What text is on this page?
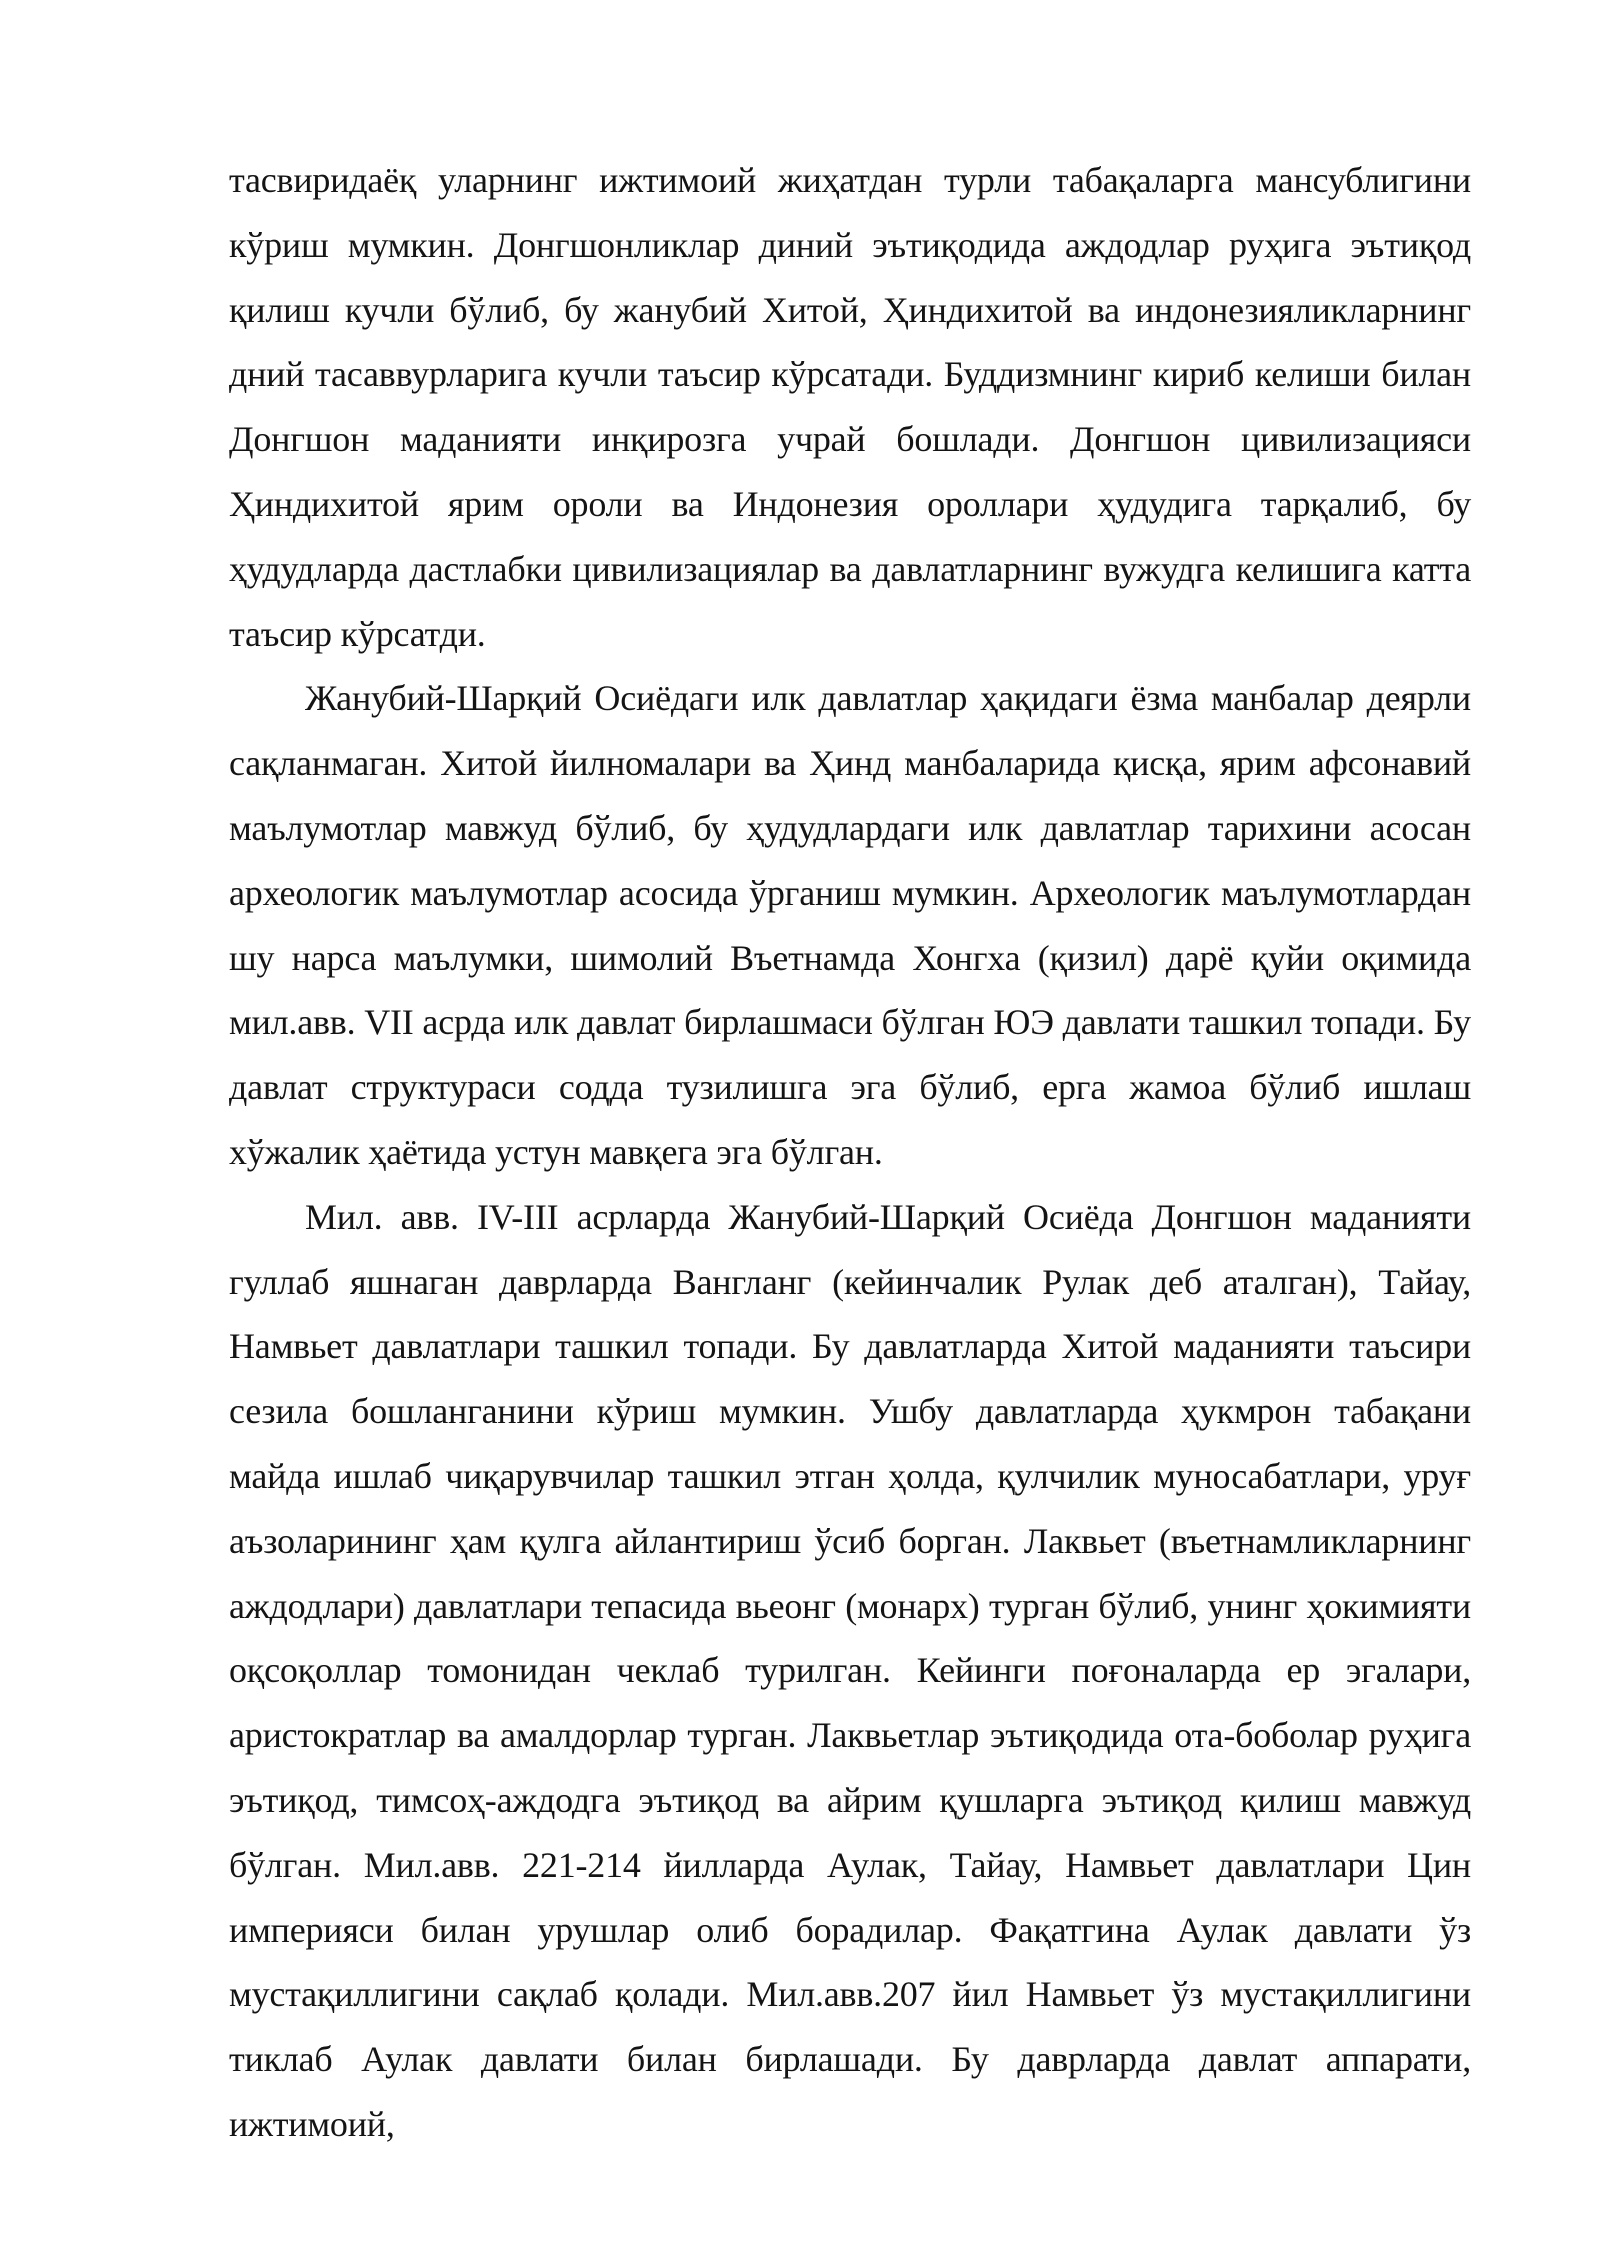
тасвиридаёқ уларнинг ижтимоий жиҳатдан турли табақаларга мансублигини кўриш мумкин. Донгшонликлар диний эътиқодида аждодлар руҳига эътиқод қилиш кучли бўлиб, бу жанубий Хитой, Ҳиндихитой ва индонезияликларнинг дний тасаввурларига кучли таъсир кўрсатади. Буддизмнинг кириб келиши билан Донгшон маданияти инқирозга учрай бошлади. Донгшон цивилизацияси Ҳиндихитой ярим ороли ва Индонезия ороллари ҳудудига тарқалиб, бу ҳудудларда дастлабки цивилизациялар ва давлатларнинг вужудга келишига катта таъсир кўрсатди.

Жанубий-Шарқий Осиёдаги илк давлатлар ҳақидаги ёзма манбалар деярли сақланмаган. Хитой йилномалари ва Ҳинд манбаларида қисқа, ярим афсонавий маълумотлар мавжуд бўлиб, бу ҳудудлардаги илк давлатлар тарихини асосан археологик маълумотлар асосида ўрганиш мумкин. Археологик маълумотлардан шу нарса маълумки, шимолий Въетнамда Хонгха (қизил) дарё қуйи оқимида мил.авв. VII асрда илк давлат бирлашмаси бўлган ЮЭ давлати ташкил топади. Бу давлат структураси содда тузилишга эга бўлиб, ерга жамоа бўлиб ишлаш хўжалик ҳаётида устун мавқега эга бўлган.

Мил. авв. IV-III асрларда Жанубий-Шарқий Осиёда Донгшон маданияти гуллаб яшнаган даврларда Вангланг (кейинчалик Рулак деб аталган), Тайау, Намвьет давлатлари ташкил топади. Бу давлатларда Хитой маданияти таъсири сезила бошланганини кўриш мумкин. Ушбу давлатларда ҳукмрон табақани майда ишлаб чиқарувчилар ташкил этган ҳолда, қулчилик муносабатлари, уруғ аъзоларининг ҳам қулга айлантириш ўсиб борган. Лаквьет (въетнамликларнинг аждодлари) давлатлари тепасида вьеонг (монарх) турган бўлиб, унинг ҳокимияти оқсоқоллар томонидан чеклаб турилган. Кейинги поғоналарда ер эгалари, аристократлар ва амалдорлар турган. Лаквьетлар эътиқодида ота-боболар руҳига эътиқод, тимсоҳ-аждодга эътиқод ва айрим қушларга эътиқод қилиш мавжуд бўлган. Мил.авв. 221-214 йилларда Аулак, Тайау, Намвьет давлатлари Цин империяси билан урушлар олиб борадилар. Фақатгина Аулак давлати ўз мустақиллигини сақлаб қолади. Мил.авв.207 йил Намвьет ўз мустақиллигини тиклаб Аулак давлати билан бирлашади. Бу даврларда давлат аппарати, ижтимоий,
